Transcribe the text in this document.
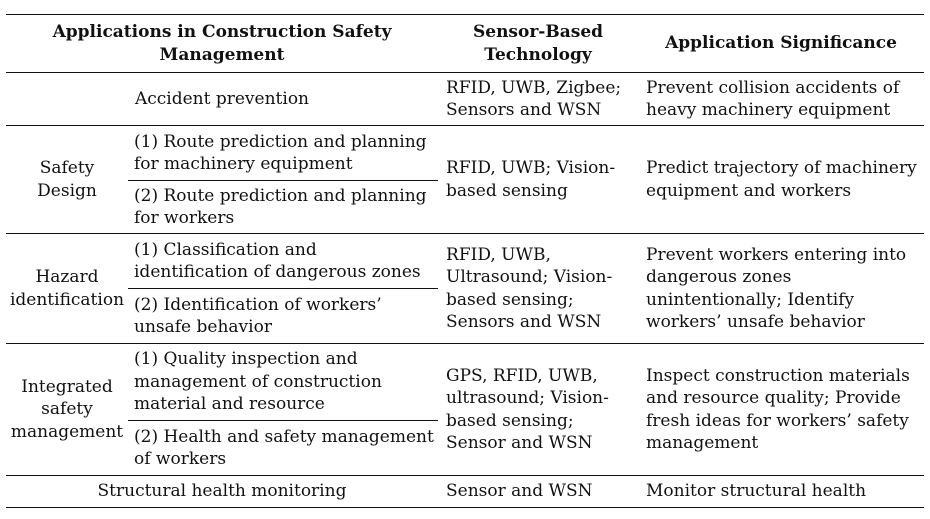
Applications in Construction Safety Management		Sensor-Based Technology	Application Significance
Accident prevention		RFID, UWB, Zigbee; Sensors and WSN	Prevent collision accidents of heavy machinery equipment
Safety Design	(1) Route prediction and planning for machinery equipment	RFID, UWB; Vision-based sensing	Predict trajectory of machinery equipment and workers
	(2) Route prediction and planning for workers		
Hazard identification	(1) Classification and identification of dangerous zones	RFID, UWB, Ultrasound; Vision-based sensing; Sensors and WSN	Prevent workers entering into dangerous zones unintentionally; Identify workers’ unsafe behavior
	(2) Identification of workers’ unsafe behavior		
Integrated safety management	(1) Quality inspection and management of construction material and resource	GPS, RFID, UWB, ultrasound; Vision-based sensing; Sensor and WSN	Inspect construction materials and resource quality; Provide fresh ideas for workers’ safety management
	(2) Health and safety management of workers		
Structural health monitoring		Sensor and WSN	Monitor structural health
